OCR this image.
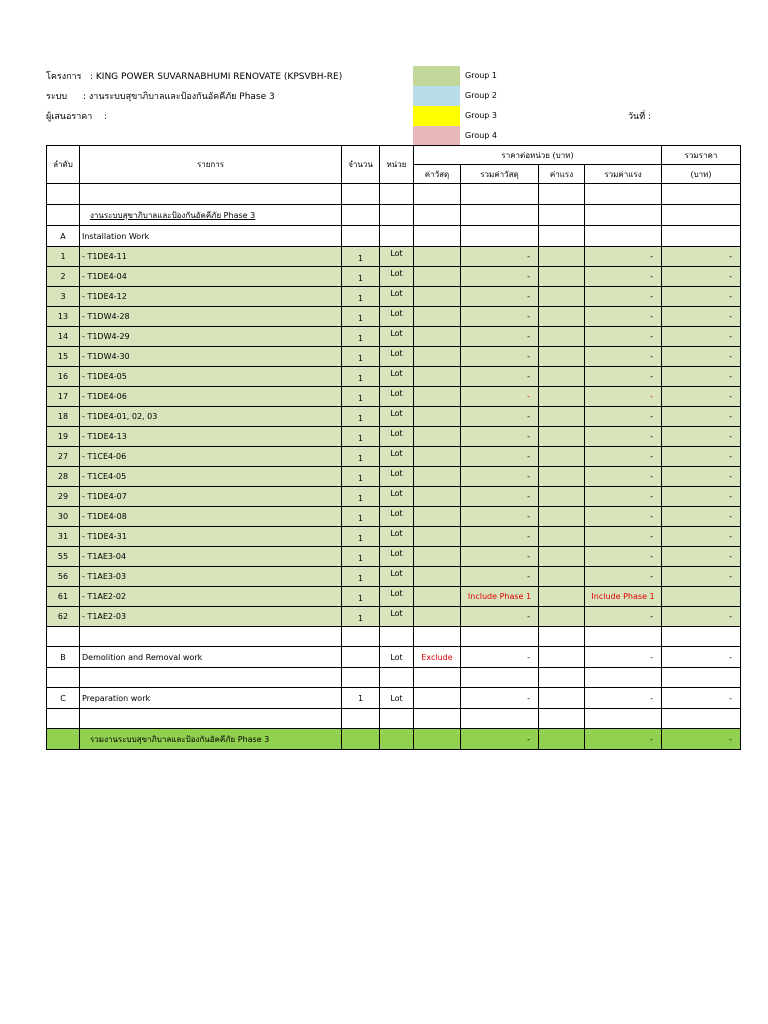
โครงการ : KING POWER SUVARNABHUMI RENOVATE (KPSVBH-RE)
ระบบ : งานระบบสุขาภิบาลและป้องกันอัคคีภัย Phase 3
ผู้เสนอราคา :	วันที่ :
Group 1
Group 2
Group 3
Group 4
ลำดับ	รายการ	จำนวน	หน่วย	ราคาต่อหน่วย (บาท)				รวมราคา
				ค่าวัสดุ	รวมค่าวัสดุ	ค่าแรง	รวมค่าแรง	(บาท)

	งานระบบสุขาภิบาลและป้องกันอัคคีภัย Phase 3							
A	Installation Work							
1	- T1DE4-11	1	Lot		-		-	-
2	- T1DE4-04	1	Lot		-		-	-
3	- T1DE4-12	1	Lot		-		-	-
13	- T1DW4-28	1	Lot		-		-	-
14	- T1DW4-29	1	Lot		-		-	-
15	- T1DW4-30	1	Lot		-		-	-
16	- T1DE4-05	1	Lot		-		-	-
17	- T1DE4-06	1	Lot		-		-	-
18	- T1DE4-01, 02, 03	1	Lot		-		-	-
19	- T1DE4-13	1	Lot		-		-	-
27	- T1CE4-06	1	Lot		-		-	-
28	- T1CE4-05	1	Lot		-		-	-
29	- T1DE4-07	1	Lot		-		-	-
30	- T1DE4-08	1	Lot		-		-	-
31	- T1DE4-31	1	Lot		-		-	-
55	- T1AE3-04	1	Lot		-		-	-
56	- T1AE3-03	1	Lot		-		-	-
61	- T1AE2-02	1	Lot		Include Phase 1		Include Phase 1	
62	- T1AE2-03	1	Lot		-		-	-

B	Demolition and Removal work		Lot	Exclude	-		-	-

C	Preparation work	1	Lot		-		-	-

	รวมงานระบบสุขาภิบาลและป้องกันอัคคีภัย Phase 3				-		-	-
